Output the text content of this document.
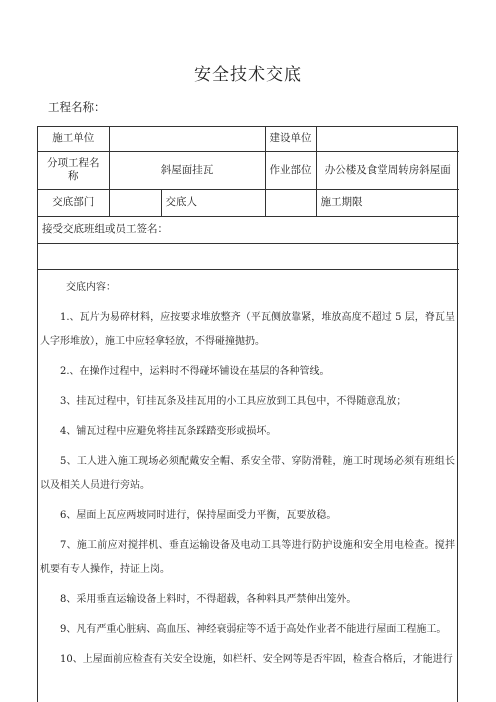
安全技术交底
工程名称：
施工单位			建设单位	
分项工程名称	斜屋面挂瓦		作业部位	办公楼及食堂周转房斜屋面
交底部门		交底人		施工期限
接受交底班组或员工签名：				

交底内容：

1.、瓦片为易碎材料，应按要求堆放整齐（平瓦侧放靠紧，堆放高度不超过 5 层，脊瓦呈人字形堆放），施工中应轻拿轻放，不得碰撞抛扔。

2.、在操作过程中，运料时不得碰坏铺设在基层的各种管线。

3、挂瓦过程中，钉挂瓦条及挂瓦用的小工具应放到工具包中，不得随意乱放；

4、铺瓦过程中应避免将挂瓦条踩踏变形或损坏。

5、工人进入施工现场必须配戴安全帽、系安全带、穿防滑鞋，施工时现场必须有班组长以及相关人员进行旁站。

6、屋面上瓦应两坡同时进行，保持屋面受力平衡，瓦要放稳。

7、施工前应对搅拌机、垂直运输设备及电动工具等进行防护设施和安全用电检查。搅拌机要有专人操作，持证上岗。

8、采用垂直运输设备上料时，不得超载，各种料具严禁伸出笼外。

9、凡有严重心脏病、高血压、神经衰弱症等不适于高处作业者不能进行屋面工程施工。

10、上屋面前应检查有关安全设施，如栏杆、安全网等是否牢固，检查合格后，才能进行
